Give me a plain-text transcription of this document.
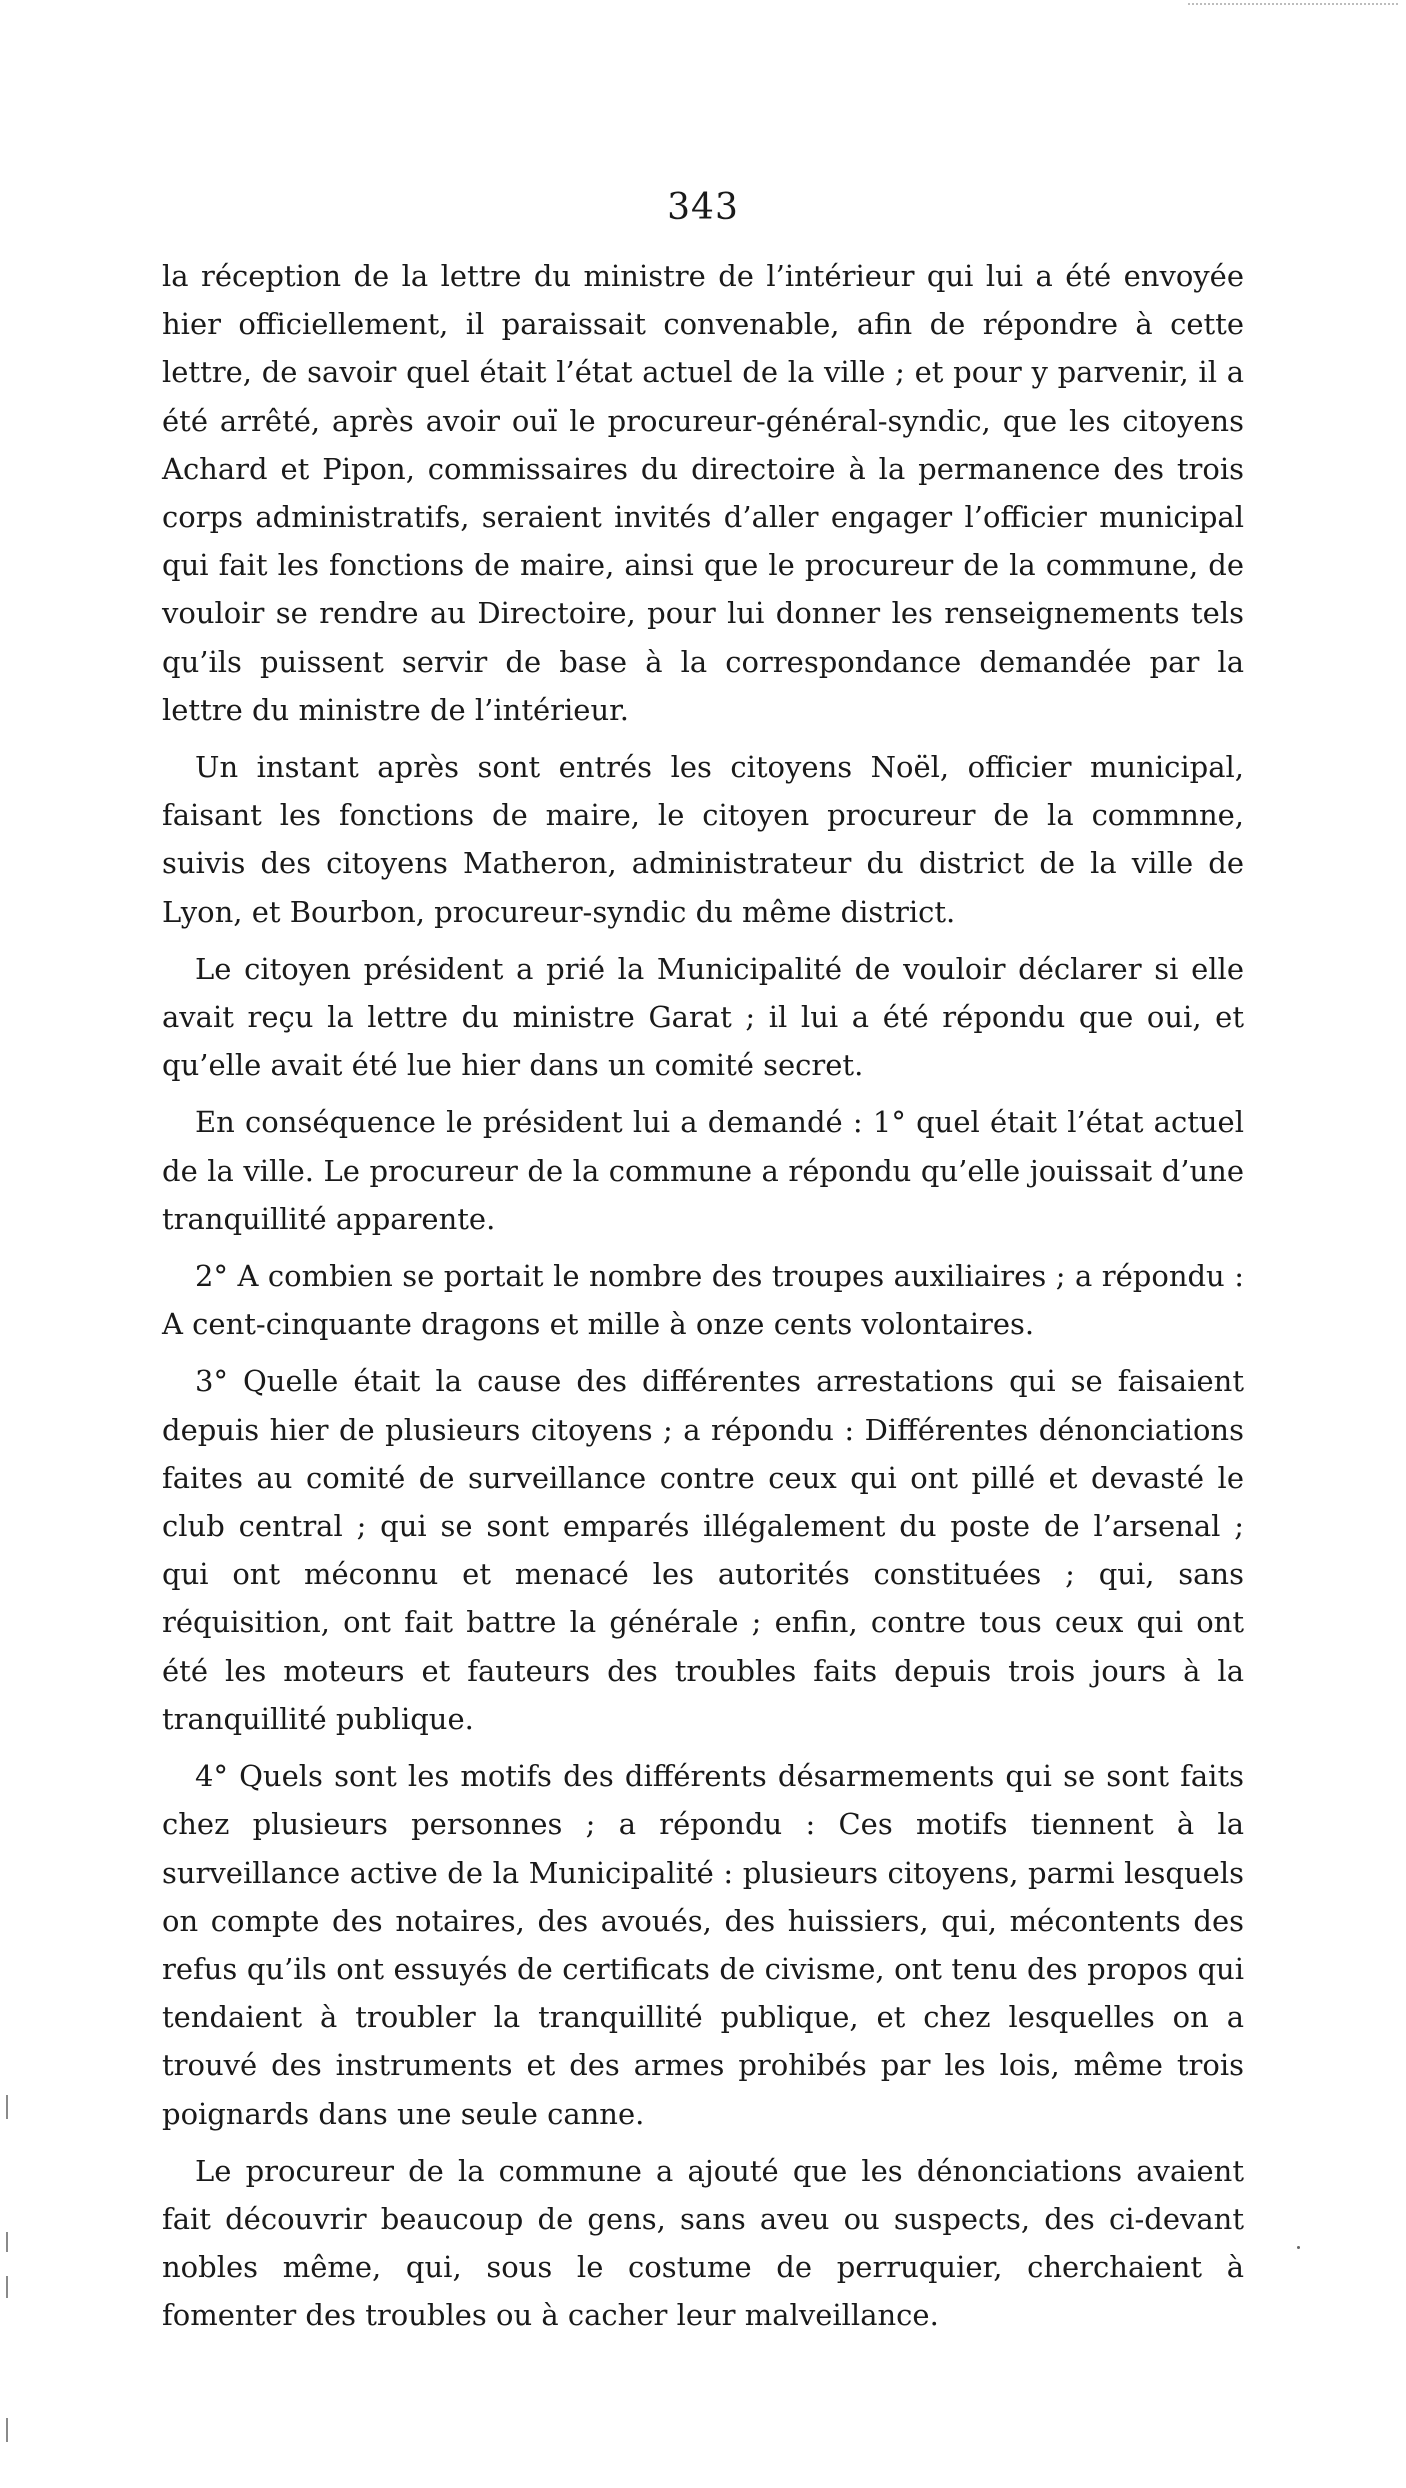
343

la réception de la lettre du ministre de l’intérieur qui lui a été envoyée hier officiellement, il paraissait convenable, afin de répondre à cette lettre, de savoir quel était l’état actuel de la ville ; et pour y parvenir, il a été arrêté, après avoir ouï le procureur-général-syndic, que les citoyens Achard et Pipon, commissaires du directoire à la permanence des trois corps administratifs, seraient invités d’aller engager l’officier municipal qui fait les fonctions de maire, ainsi que le procureur de la commune, de vouloir se rendre au Directoire, pour lui donner les renseignements tels qu’ils puissent servir de base à la correspondance demandée par la lettre du ministre de l’intérieur.

Un instant après sont entrés les citoyens Noël, officier municipal, faisant les fonctions de maire, le citoyen procureur de la commnne, suivis des citoyens Matheron, administrateur du district de la ville de Lyon, et Bourbon, procureur-syndic du même district.

Le citoyen président a prié la Municipalité de vouloir déclarer si elle avait reçu la lettre du ministre Garat ; il lui a été répondu que oui, et qu’elle avait été lue hier dans un comité secret.

En conséquence le président lui a demandé : 1° quel était l’état actuel de la ville. Le procureur de la commune a répondu qu’elle jouissait d’une tranquillité apparente.

2° A combien se portait le nombre des troupes auxiliaires ; a répondu : A cent-cinquante dragons et mille à onze cents volontaires.

3° Quelle était la cause des différentes arrestations qui se faisaient depuis hier de plusieurs citoyens ; a répondu : Différentes dénonciations faites au comité de surveillance contre ceux qui ont pillé et devasté le club central ; qui se sont emparés illégalement du poste de l’arsenal ; qui ont méconnu et menacé les autorités constituées ; qui, sans réquisition, ont fait battre la générale ; enfin, contre tous ceux qui ont été les moteurs et fauteurs des troubles faits depuis trois jours à la tranquillité publique.

4° Quels sont les motifs des différents désarmements qui se sont faits chez plusieurs personnes ; a répondu : Ces motifs tiennent à la surveillance active de la Municipalité : plusieurs citoyens, parmi lesquels on compte des notaires, des avoués, des huissiers, qui, mécontents des refus qu’ils ont essuyés de certificats de civisme, ont tenu des propos qui tendaient à troubler la tranquillité publique, et chez lesquelles on a trouvé des instruments et des armes prohibés par les lois, même trois poignards dans une seule canne.

Le procureur de la commune a ajouté que les dénonciations avaient fait découvrir beaucoup de gens, sans aveu ou suspects, des ci-devant nobles même, qui, sous le costume de perruquier, cherchaient à fomenter des troubles ou à cacher leur malveillance.
